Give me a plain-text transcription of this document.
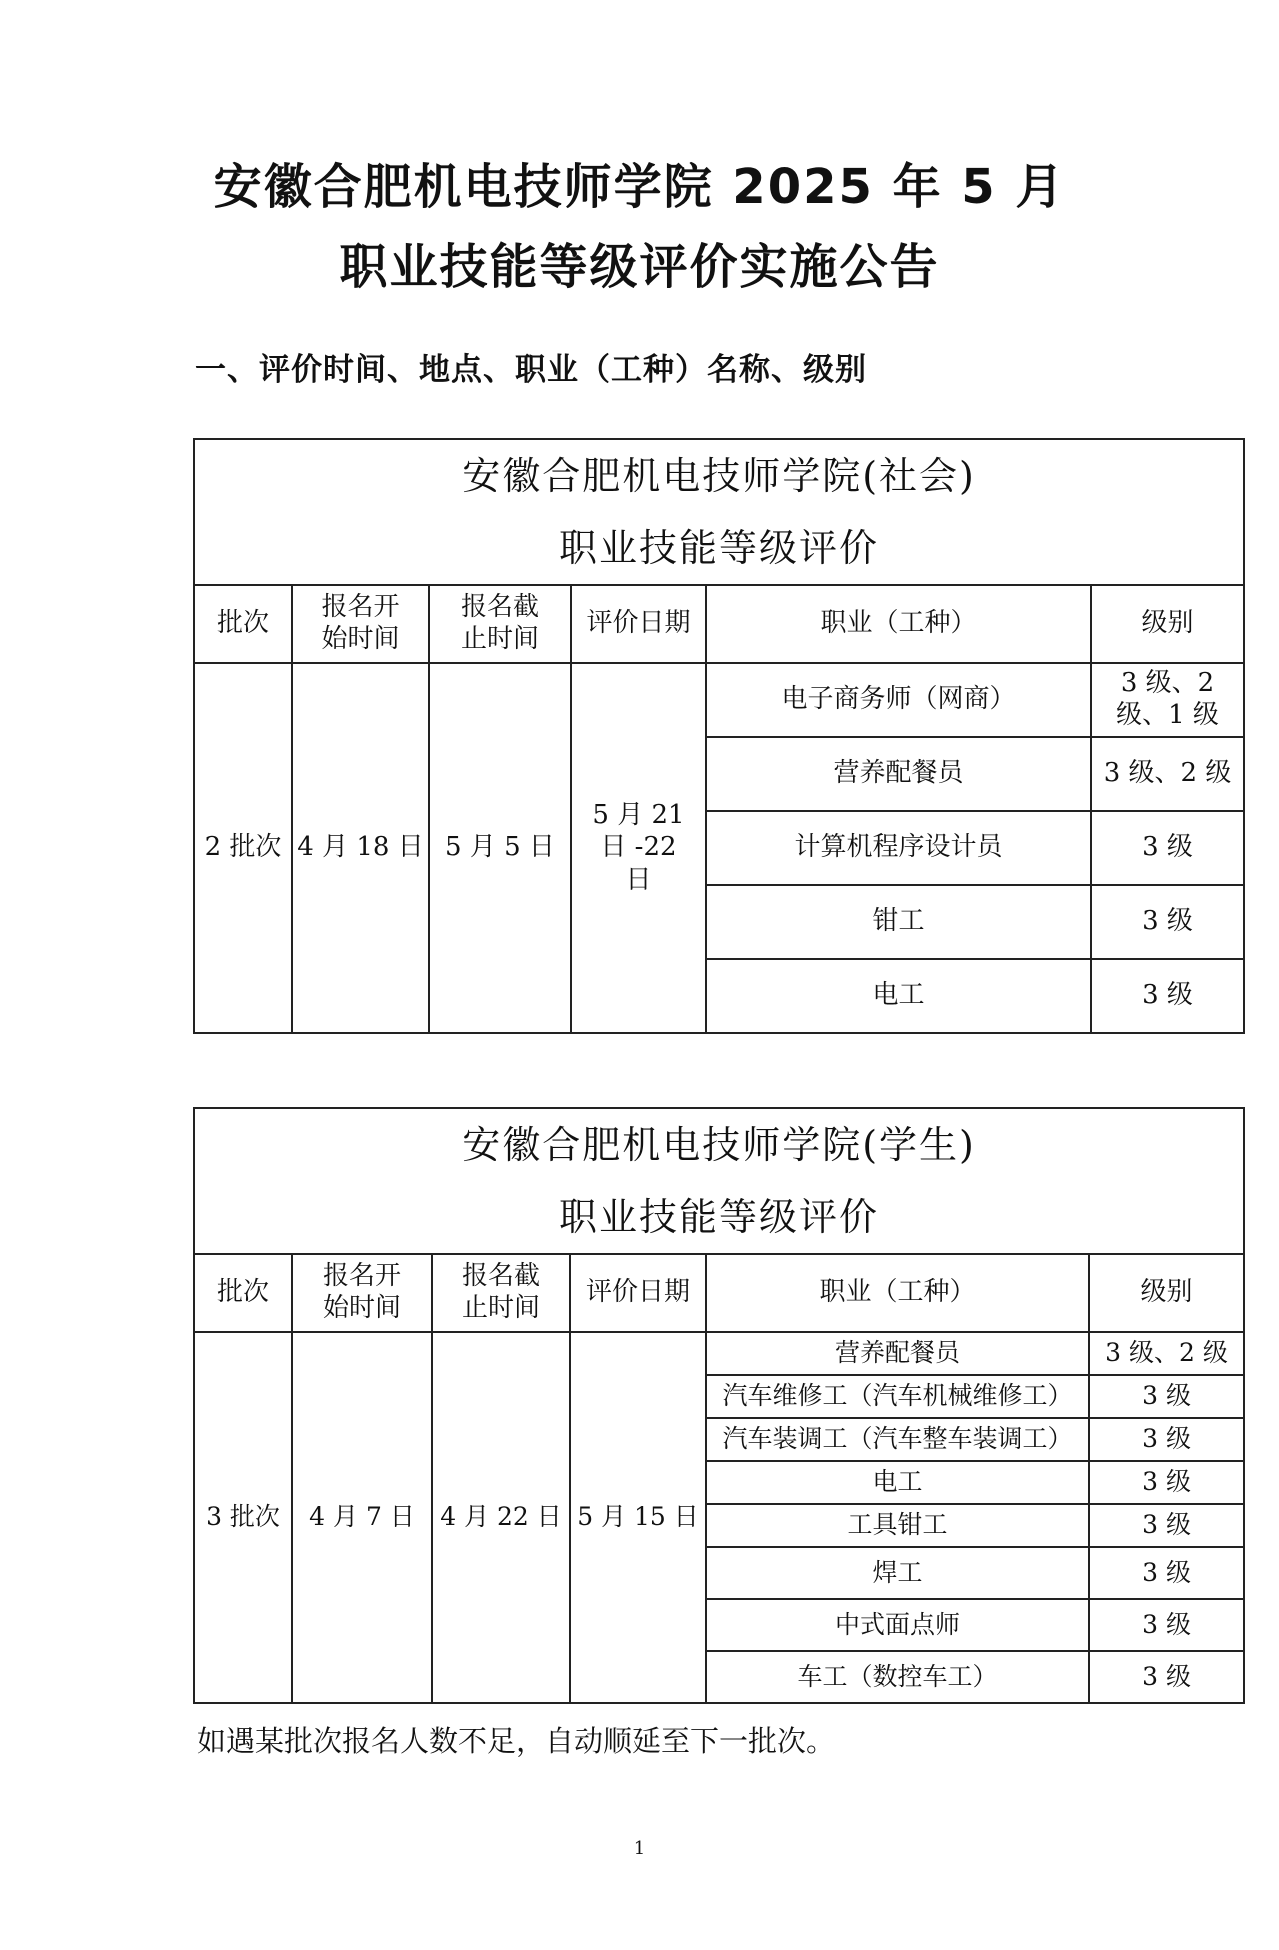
安徽合肥机电技师学院 2025 年 5 月
职业技能等级评价实施公告
一、评价时间、地点、职业（工种）名称、级别
安徽合肥机电技师学院(社会)
职业技能等级评价					

批次	报名开始时间	报名截止时间	评价日期	职业（工种）	级别
2 批次	4 月 18 日	5 月 5 日	5 月 21 日 -22 日	电子商务师（网商）	3 级、2 级、1 级
				营养配餐员	3 级、2 级
				计算机程序设计员	3 级
				钳工	3 级
				电工	3 级
安徽合肥机电技师学院(学生)
职业技能等级评价					

批次	报名开始时间	报名截止时间	评价日期	职业（工种）	级别
3 批次	4 月 7 日	4 月 22 日	5 月 15 日	营养配餐员	3 级、2 级
				汽车维修工（汽车机械维修工）	3 级
				汽车装调工（汽车整车装调工）	3 级
				电工	3 级
				工具钳工	3 级
				焊工	3 级
				中式面点师	3 级
				车工（数控车工）	3 级
如遇某批次报名人数不足，自动顺延至下一批次。
1
